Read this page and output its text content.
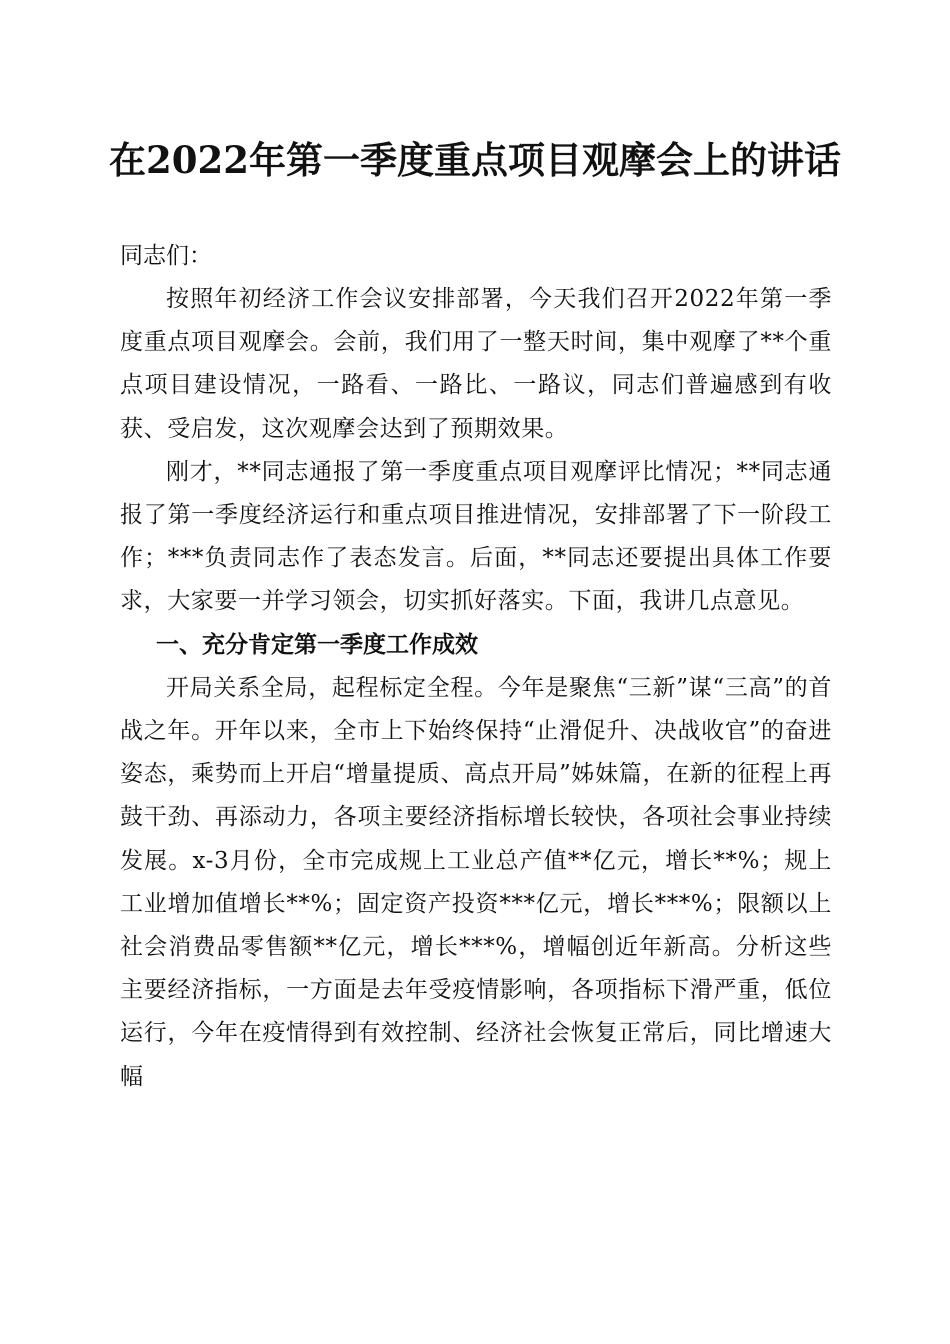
在2022年第一季度重点项目观摩会上的讲话

同志们：

按照年初经济工作会议安排部署，今天我们召开2022年第一季度重点项目观摩会。会前，我们用了一整天时间，集中观摩了**个重点项目建设情况，一路看、一路比、一路议，同志们普遍感到有收获、受启发，这次观摩会达到了预期效果。

刚才，**同志通报了第一季度重点项目观摩评比情况；**同志通报了第一季度经济运行和重点项目推进情况，安排部署了下一阶段工作；***负责同志作了表态发言。后面，**同志还要提出具体工作要求，大家要一并学习领会，切实抓好落实。下面，我讲几点意见。

一、充分肯定第一季度工作成效

开局关系全局，起程标定全程。今年是聚焦“三新”谋“三高”的首战之年。开年以来，全市上下始终保持“止滑促升、决战收官”的奋进姿态，乘势而上开启“增量提质、高点开局”姊妹篇，在新的征程上再鼓干劲、再添动力，各项主要经济指标增长较快，各项社会事业持续发展。x-3月份，全市完成规上工业总产值**亿元，增长**%；规上工业增加值增长**%；固定资产投资***亿元，增长***%；限额以上社会消费品零售额**亿元，增长***%，增幅创近年新高。分析这些主要经济指标，一方面是去年受疫情影响，各项指标下滑严重，低位运行，今年在疫情得到有效控制、经济社会恢复正常后，同比增速大幅
